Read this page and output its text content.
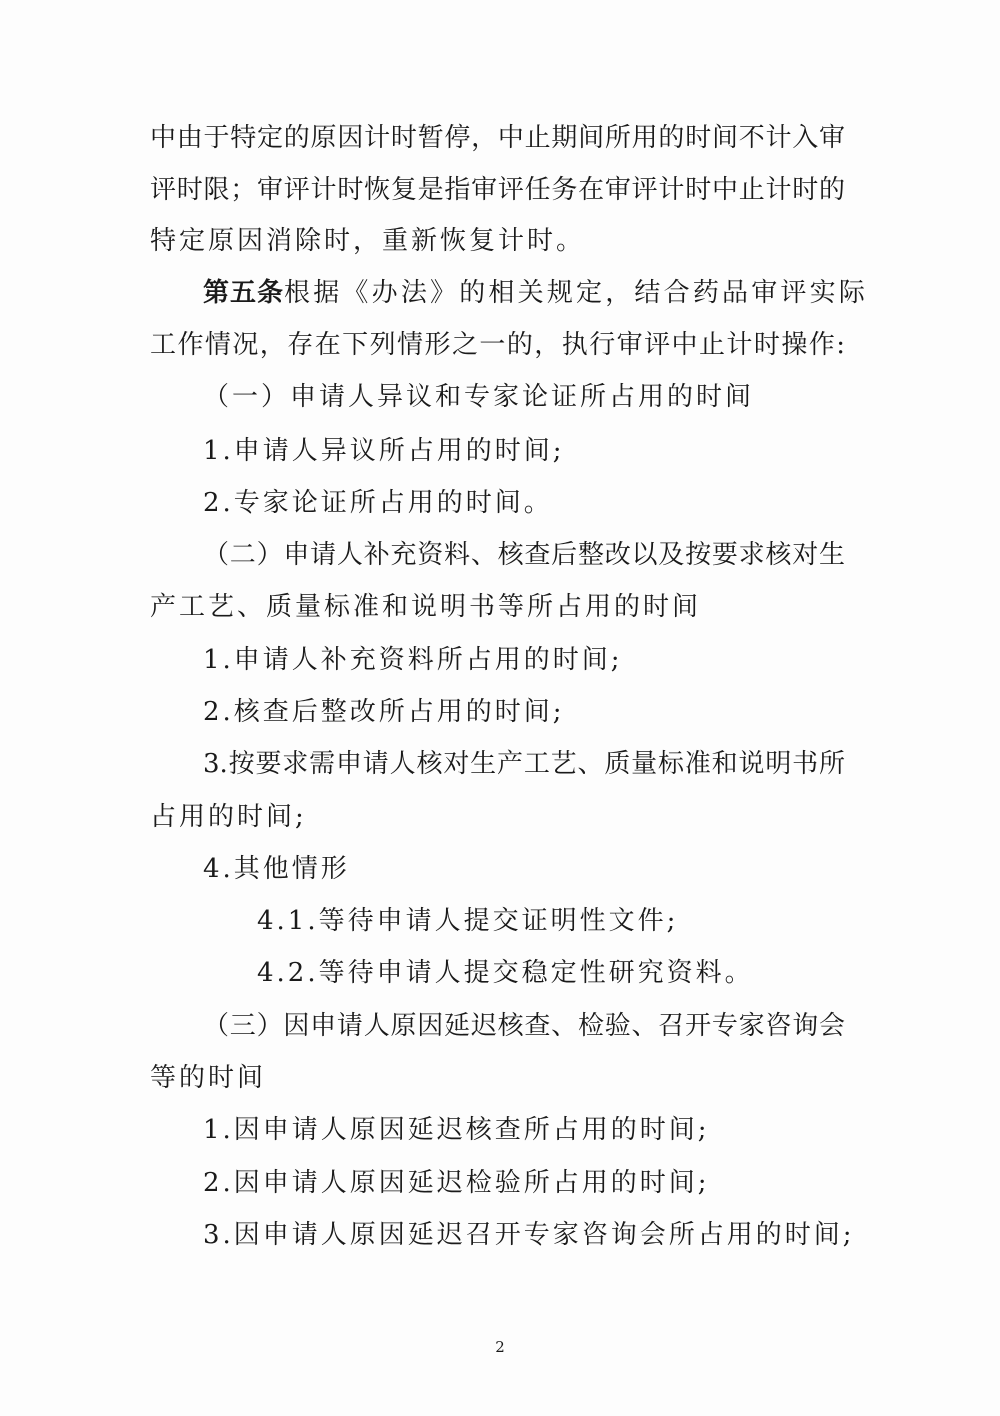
中由于特定的原因计时暂停，中止期间所用的时间不计入审
评时限；审评计时恢复是指审评任务在审评计时中止计时的
特定原因消除时，重新恢复计时。
第五条 根据《办法》的相关规定，结合药品审评实际
工作情况，存在下列情形之一的，执行审评中止计时操作:
（一）申请人异议和专家论证所占用的时间
1.申请人异议所占用的时间;
2.专家论证所占用的时间。
（二）申请人补充资料、核查后整改以及按要求核对生
产工艺、质量标准和说明书等所占用的时间
1.申请人补充资料所占用的时间;
2.核查后整改所占用的时间;
3.按要求需申请人核对生产工艺、质量标准和说明书所
占用的时间;
4.其他情形
4.1.等待申请人提交证明性文件;
4.2.等待申请人提交稳定性研究资料。
（三）因申请人原因延迟核查、检验、召开专家咨询会
等的时间
1.因申请人原因延迟核查所占用的时间;
2.因申请人原因延迟检验所占用的时间;
3.因申请人原因延迟召开专家咨询会所占用的时间;
2
